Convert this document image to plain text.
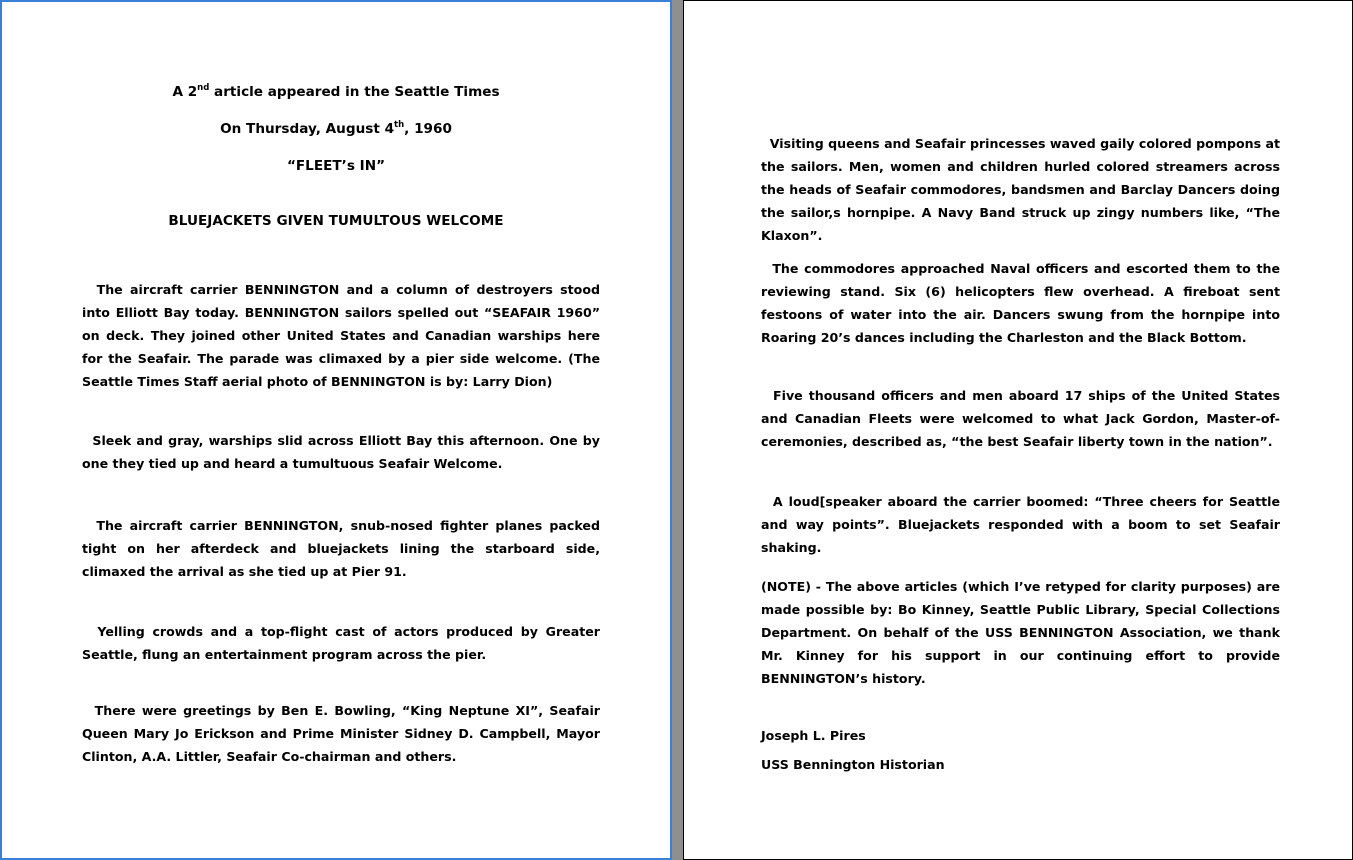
A 2nd article appeared in the Seattle Times
On Thursday, August 4th, 1960
“FLEET’s IN”
BLUEJACKETS GIVEN TUMULTOUS WELCOME

The aircraft carrier BENNINGTON and a column of destroyers stood into Elliott Bay today. BENNINGTON sailors spelled out “SEAFAIR 1960” on deck. They joined other United States and Canadian warships here for the Seafair. The parade was climaxed by a pier side welcome. (The Seattle Times Staff aerial photo of BENNINGTON is by: Larry Dion)

Sleek and gray, warships slid across Elliott Bay this afternoon. One by one they tied up and heard a tumultuous Seafair Welcome.

The aircraft carrier BENNINGTON, snub-nosed fighter planes packed tight on her afterdeck and bluejackets lining the starboard side, climaxed the arrival as she tied up at Pier 91.

Yelling crowds and a top-flight cast of actors produced by Greater Seattle, flung an entertainment program across the pier.

There were greetings by Ben E. Bowling, “King Neptune XI”, Seafair Queen Mary Jo Erickson and Prime Minister Sidney D. Campbell, Mayor Clinton, A.A. Littler, Seafair Co-chairman and others.

Visiting queens and Seafair princesses waved gaily colored pompons at the sailors. Men, women and children hurled colored streamers across the heads of Seafair commodores, bandsmen and Barclay Dancers doing the sailor,s hornpipe. A Navy Band struck up zingy numbers like, “The Klaxon”.

The commodores approached Naval officers and escorted them to the reviewing stand. Six (6) helicopters flew overhead. A fireboat sent festoons of water into the air. Dancers swung from the hornpipe into Roaring 20’s dances including the Charleston and the Black Bottom.

Five thousand officers and men aboard 17 ships of the United States and Canadian Fleets were welcomed to what Jack Gordon, Master-of-ceremonies, described as, “the best Seafair liberty town in the nation”.

A loud[speaker aboard the carrier boomed: “Three cheers for Seattle and way points”. Bluejackets responded with a boom to set Seafair shaking.

(NOTE) - The above articles (which I’ve retyped for clarity purposes) are made possible by: Bo Kinney, Seattle Public Library, Special Collections Department. On behalf of the USS BENNINGTON Association, we thank Mr. Kinney for his support in our continuing effort to provide BENNINGTON’s history.

Joseph L. Pires

USS Bennington Historian
